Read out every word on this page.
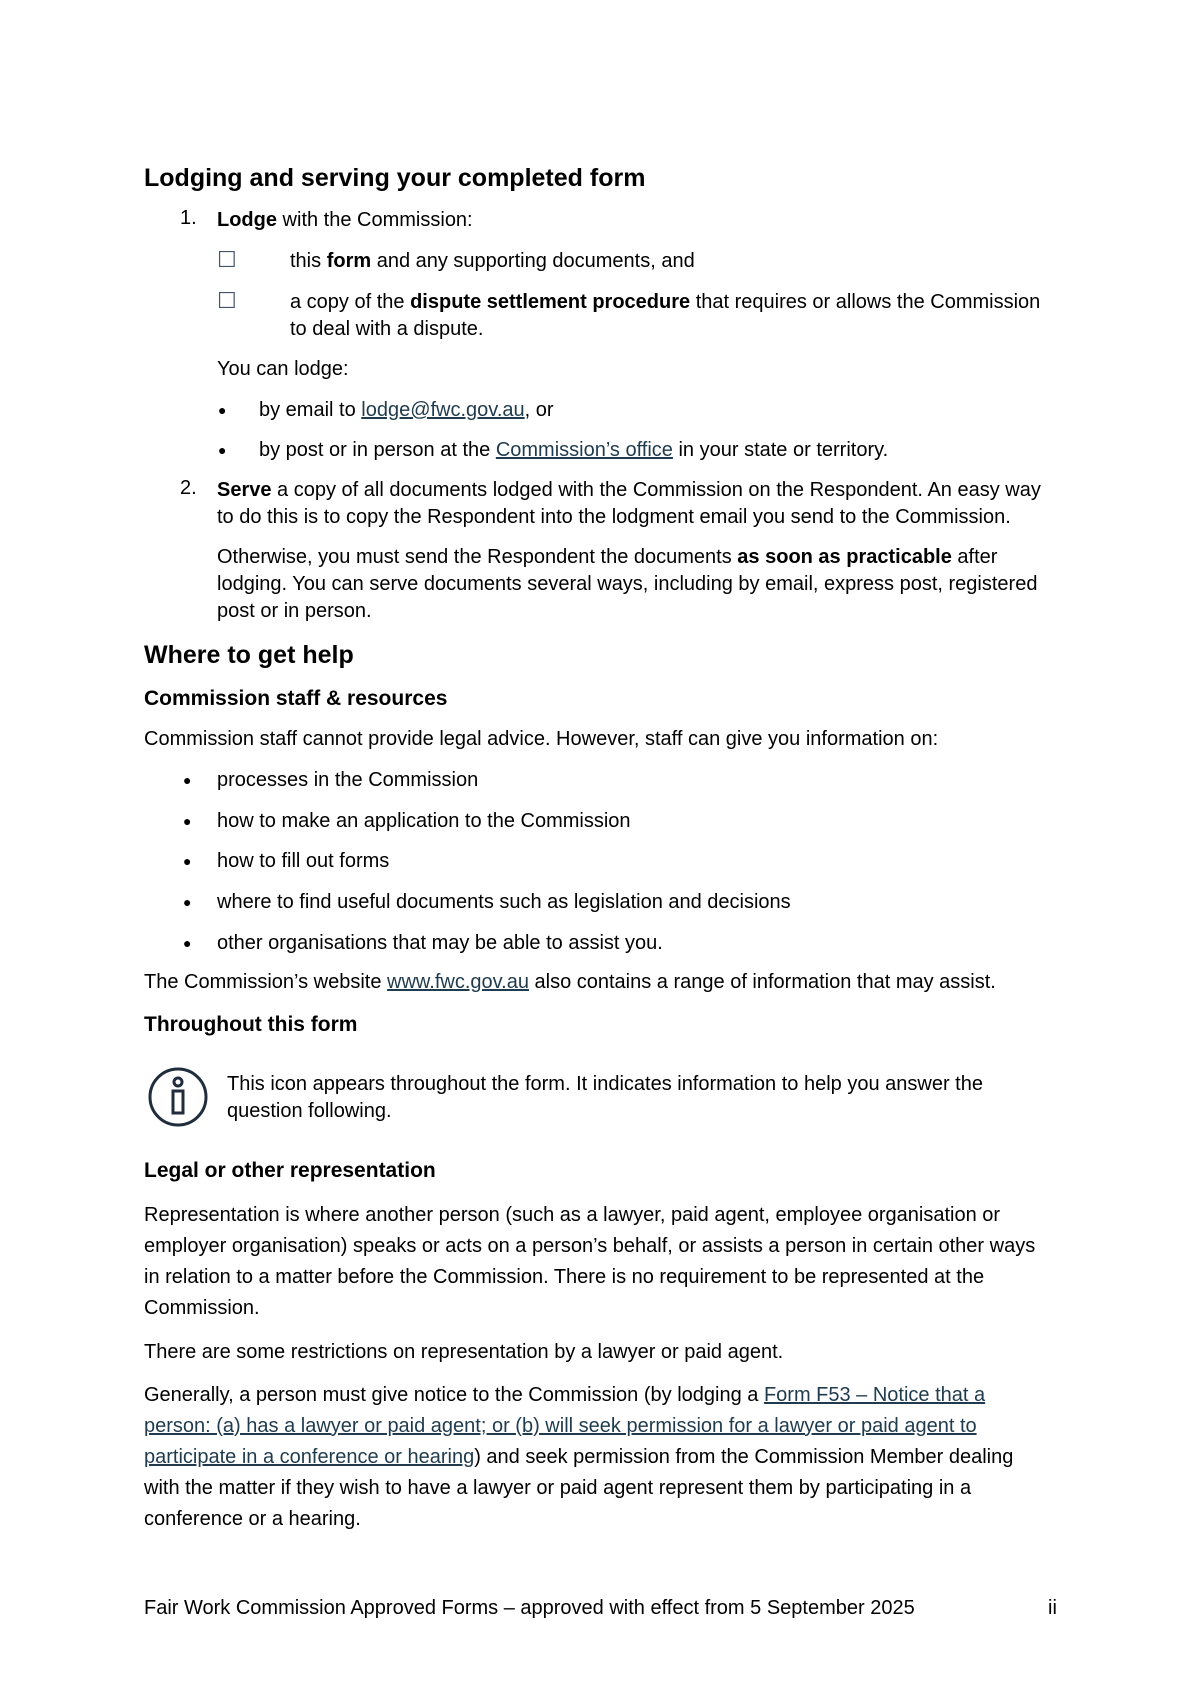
Lodging and serving your completed form
1.	Lodge with the Commission:

☐	this form and any supporting documents, and

☐	a copy of the dispute settlement procedure that requires or allows the Commission

to deal with a dispute.

You can lodge:

● by email to lodge@fwc.gov.au, or

● by post or in person at the Commission’s office in your state or territory.

2.	Serve a copy of all documents lodged with the Commission on the Respondent. An easy way

to do this is to copy the Respondent into the lodgment email you send to the Commission.

Otherwise, you must send the Respondent the documents as soon as practicable after

lodging. You can serve documents several ways, including by email, express post, registered

post or in person.

Where to get help
Commission staff & resources

Commission staff cannot provide legal advice. However, staff can give you information on:

● processes in the Commission

● how to make an application to the Commission

● how to fill out forms

● where to find useful documents such as legislation and decisions

● other organisations that may be able to assist you.

The Commission’s website www.fwc.gov.au also contains a range of information that may assist.

Throughout this form

This icon appears throughout the form. It indicates information to help you answer the

question following.

Legal or other representation

Representation is where another person (such as a lawyer, paid agent, employee organisation or

employer organisation) speaks or acts on a person’s behalf, or assists a person in certain other ways

in relation to a matter before the Commission. There is no requirement to be represented at the

Commission.

There are some restrictions on representation by a lawyer or paid agent.

Generally, a person must give notice to the Commission (by lodging a Form F53 – Notice that a

person: (a) has a lawyer or paid agent; or (b) will seek permission for a lawyer or paid agent to

participate in a conference or hearing) and seek permission from the Commission Member dealing

with the matter if they wish to have a lawyer or paid agent represent them by participating in a

conference or a hearing.

Fair Work Commission Approved Forms – approved with effect from 5 September 2025	ii
